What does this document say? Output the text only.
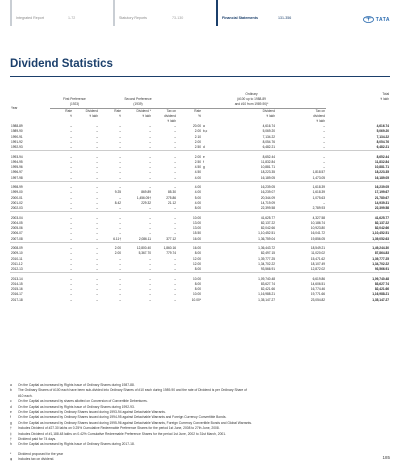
Integrated Report	1-72	Statutory Reports	73-130	Financial Statements	131-356	TATA
Dividend Statistics
Year	First Preference
(1923)		Second Preference
(1939)			Ordinary
(#100 up to 1988-89
and #10 from 1989-90)*				Total
₹ lakh
	Rate	Dividend	Rate	Dividend *	Tax on	Rate		Dividend	Tax on	
	₹	₹ lakh	₹	₹ lakh	dividend	%		₹ lakh	dividend	
					₹ lakh				₹ lakh	
1988-89	–	–	–	–	–	20.00	a	4,616.74	–	4,616.74
1989-90	–	–	–	–	–	2.00	b,c	5,069.20	–	5,069.20
1990-91	–	–	–	–	–	2.10		7,134.22	–	7,134.22
1991-92	–	–	–	–	–	2.00		8,054.76	–	8,054.76
1992-93	–	–	–	–	–	2.50	d	6,482.21	–	6,482.21

1993-94	–	–	–	–	–	2.00	e	8,652.44	–	8,652.44
1994-95	–	–	–	–	–	2.50	f	11,832.84	–	11,832.84
1995-96	–	–	–	–	–	4.50	g	10,881.71	–	10,881.71
1996-97	–	–	–	–	–	4.50		18,223.35	1,818.57	18,223.35
1997-98	–	–	–	–	–	4.00		16,189.05	1,473.05	16,189.05

1998-99	–	–	–	–	–	4.00		16,239.05	1,618.39	16,239.05
1999-00	–	–	9.25	869.89	85.30	4.00		16,239.07	1,618.39	17,199.67
2000-01	–	–	–	1,456.05†	275.86	5.00		20,344.09	1,075.63	21,780.67
2001-02	–	–	8.42	229.32	21.12	4.00		14,719.09	–	14,939.31
2002-03	–	–	–	–	–	8.00		22,399.58	2,789.93	22,399.58

2003-04	–	–	–	–	–	10.00		41,625.77	4,327.58	41,625.77
2004-05	–	–	–	–	–	13.00		82,137.22	10,186.74	82,137.22
2005-06	–	–	–	–	–	13.00		82,042.66	10,923.80	82,042.66
2006-07	–	–	–	–	–	15.50		1,10,452.51	16,041.72	1,10,452.51
2007-08	–	–	6.11†	2,086.11	377.12	16.00		1,36,759.04	19,856.05	1,39,052.63

2008-09	–	–	2.00	12,800.40	1,860.16	16.00		1,36,443.72	18,549.21	1,49,244.30
2009-10	–	–	2.00	5,367.70	779.74	8.00		82,497.15	11,020.02	87,864.83
2010-11	–	–	–	–	–	12.00		1,39,777.25	15,471.62	1,39,777.25
2011-12	–	–	–	–	–	12.00		1,34,702.22	18,107.49	1,34,702.22
2012-13	–	–	–	–	–	8.00		93,566.91	12,872.02	93,566.91

2013-14	–	–	–	–	–	10.00		1,09,740.48	6,619.86	1,09,740.48
2014-15	–	–	–	–	–	8.00		83,627.74	14,606.51	83,627.74
2015-16	–	–	–	–	–	8.00		82,421.66	16,774.46	82,421.66
2016-17	–	–	–	–	–	10.00		1,16,988.21	19,771.66	1,16,988.21
2017-18	–	–	–	–	–	10.00*		1,35,147.27	23,054.82	1,35,147.27
a	On the Capital as increased by Rights Issue of Ordinary Shares during 1987-88.
b	The Ordinary Shares of #100 each have been sub-divided into Ordinary Shares of #10 each during 1989-90 and the rate of Dividend is per Ordinary Share of
#10 each.
c	On the Capital as increased by shares allotted on Conversion of Convertible Debentures.
d	On the Capital as increased by Rights Issue of Ordinary Shares during 1992-93.
e	On the Capital as increased by Ordinary Shares issued during 1993-94 against Detachable Warrants.
f	On the Capital as increased by Ordinary Shares issued during 1994-95 against Detachable Warrants and Foreign Currency Convertible Bonds.
g	On the Capital as increased by Ordinary Shares issued during 1995-96 against Detachable Warrants, Foreign Currency Convertible Bonds and Global Warrants.
†	Includes Dividend of #27.30 lakhs on 0.25% Cumulative Redeemable Preference Shares for the period 1st June, 2008 to 27th June, 2008.
‡	Includes Dividend of #1,188.48 lakhs on 0.42% Cumulative Redeemable Preference Shares for the period 1st June, 2002 to 31st March, 2001.
†	Dividend paid for 74 days.
h	On the Capital as increased by Rights Issue of Ordinary Shares during 2017-18.
*	Dividend proposed for the year
φ	Includes tax on dividend.	185
